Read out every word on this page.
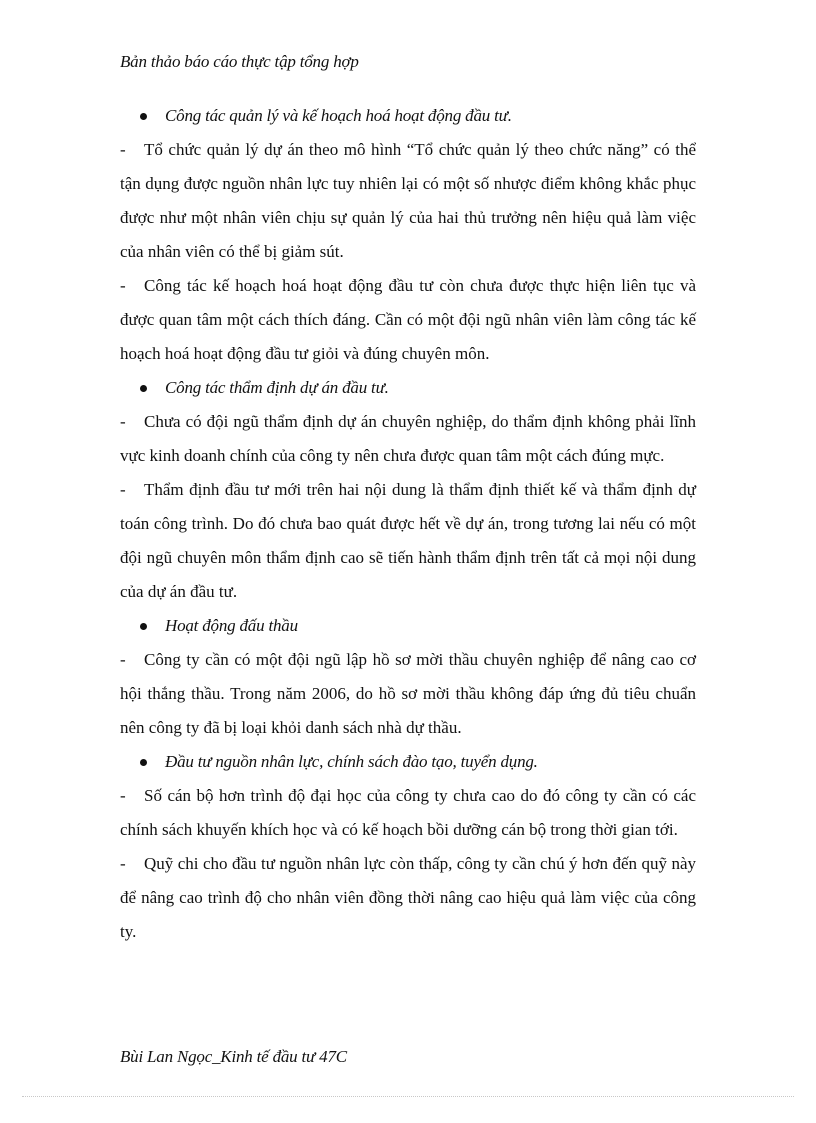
Bản thảo báo cáo thực tập tổng hợp
Công tác quản lý và kế hoạch hoá hoạt động đầu tư.

- Tổ chức quản lý dự án theo mô hình “Tổ chức quản lý theo chức năng” có thể tận dụng được nguồn nhân lực tuy nhiên lại có một số nhược điểm không khắc phục được như một nhân viên chịu sự quản lý của hai thủ trưởng nên hiệu quả làm việc của nhân viên có thể bị giảm sút.

- Công tác kế hoạch hoá hoạt động đầu tư còn chưa được thực hiện liên tục và được quan tâm một cách thích đáng. Cần có một đội ngũ nhân viên làm công tác kế hoạch hoá hoạt động đầu tư giỏi và đúng chuyên môn.

Công tác thẩm định dự án đầu tư.

- Chưa có đội ngũ thẩm định dự án chuyên nghiệp, do thẩm định không phải lĩnh vực kinh doanh chính của công ty nên chưa được quan tâm một cách đúng mực.

- Thẩm định đầu tư mới trên hai nội dung là thẩm định thiết kế và thẩm định dự toán công trình. Do đó chưa bao quát được hết về dự án, trong tương lai nếu có một đội ngũ chuyên môn thẩm định cao sẽ tiến hành thẩm định trên tất cả mọi nội dung của dự án đầu tư.

Hoạt động đấu thầu

- Công ty cần có một đội ngũ lập hồ sơ mời thầu chuyên nghiệp để nâng cao cơ hội thắng thầu. Trong năm 2006, do hồ sơ mời thầu không đáp ứng đủ tiêu chuẩn nên công ty đã bị loại khỏi danh sách nhà dự thầu.

Đầu tư nguồn nhân lực, chính sách đào tạo, tuyển dụng.

- Số cán bộ hơn trình độ đại học của công ty chưa cao do đó công ty cần có các chính sách khuyến khích học và có kế hoạch bồi dưỡng cán bộ trong thời gian tới.

- Quỹ chi cho đầu tư nguồn nhân lực còn thấp, công ty cần chú ý hơn đến quỹ này để nâng cao trình độ cho nhân viên đồng thời nâng cao hiệu quả làm việc của công ty.

Bùi Lan Ngọc_Kinh tế đầu tư 47C
